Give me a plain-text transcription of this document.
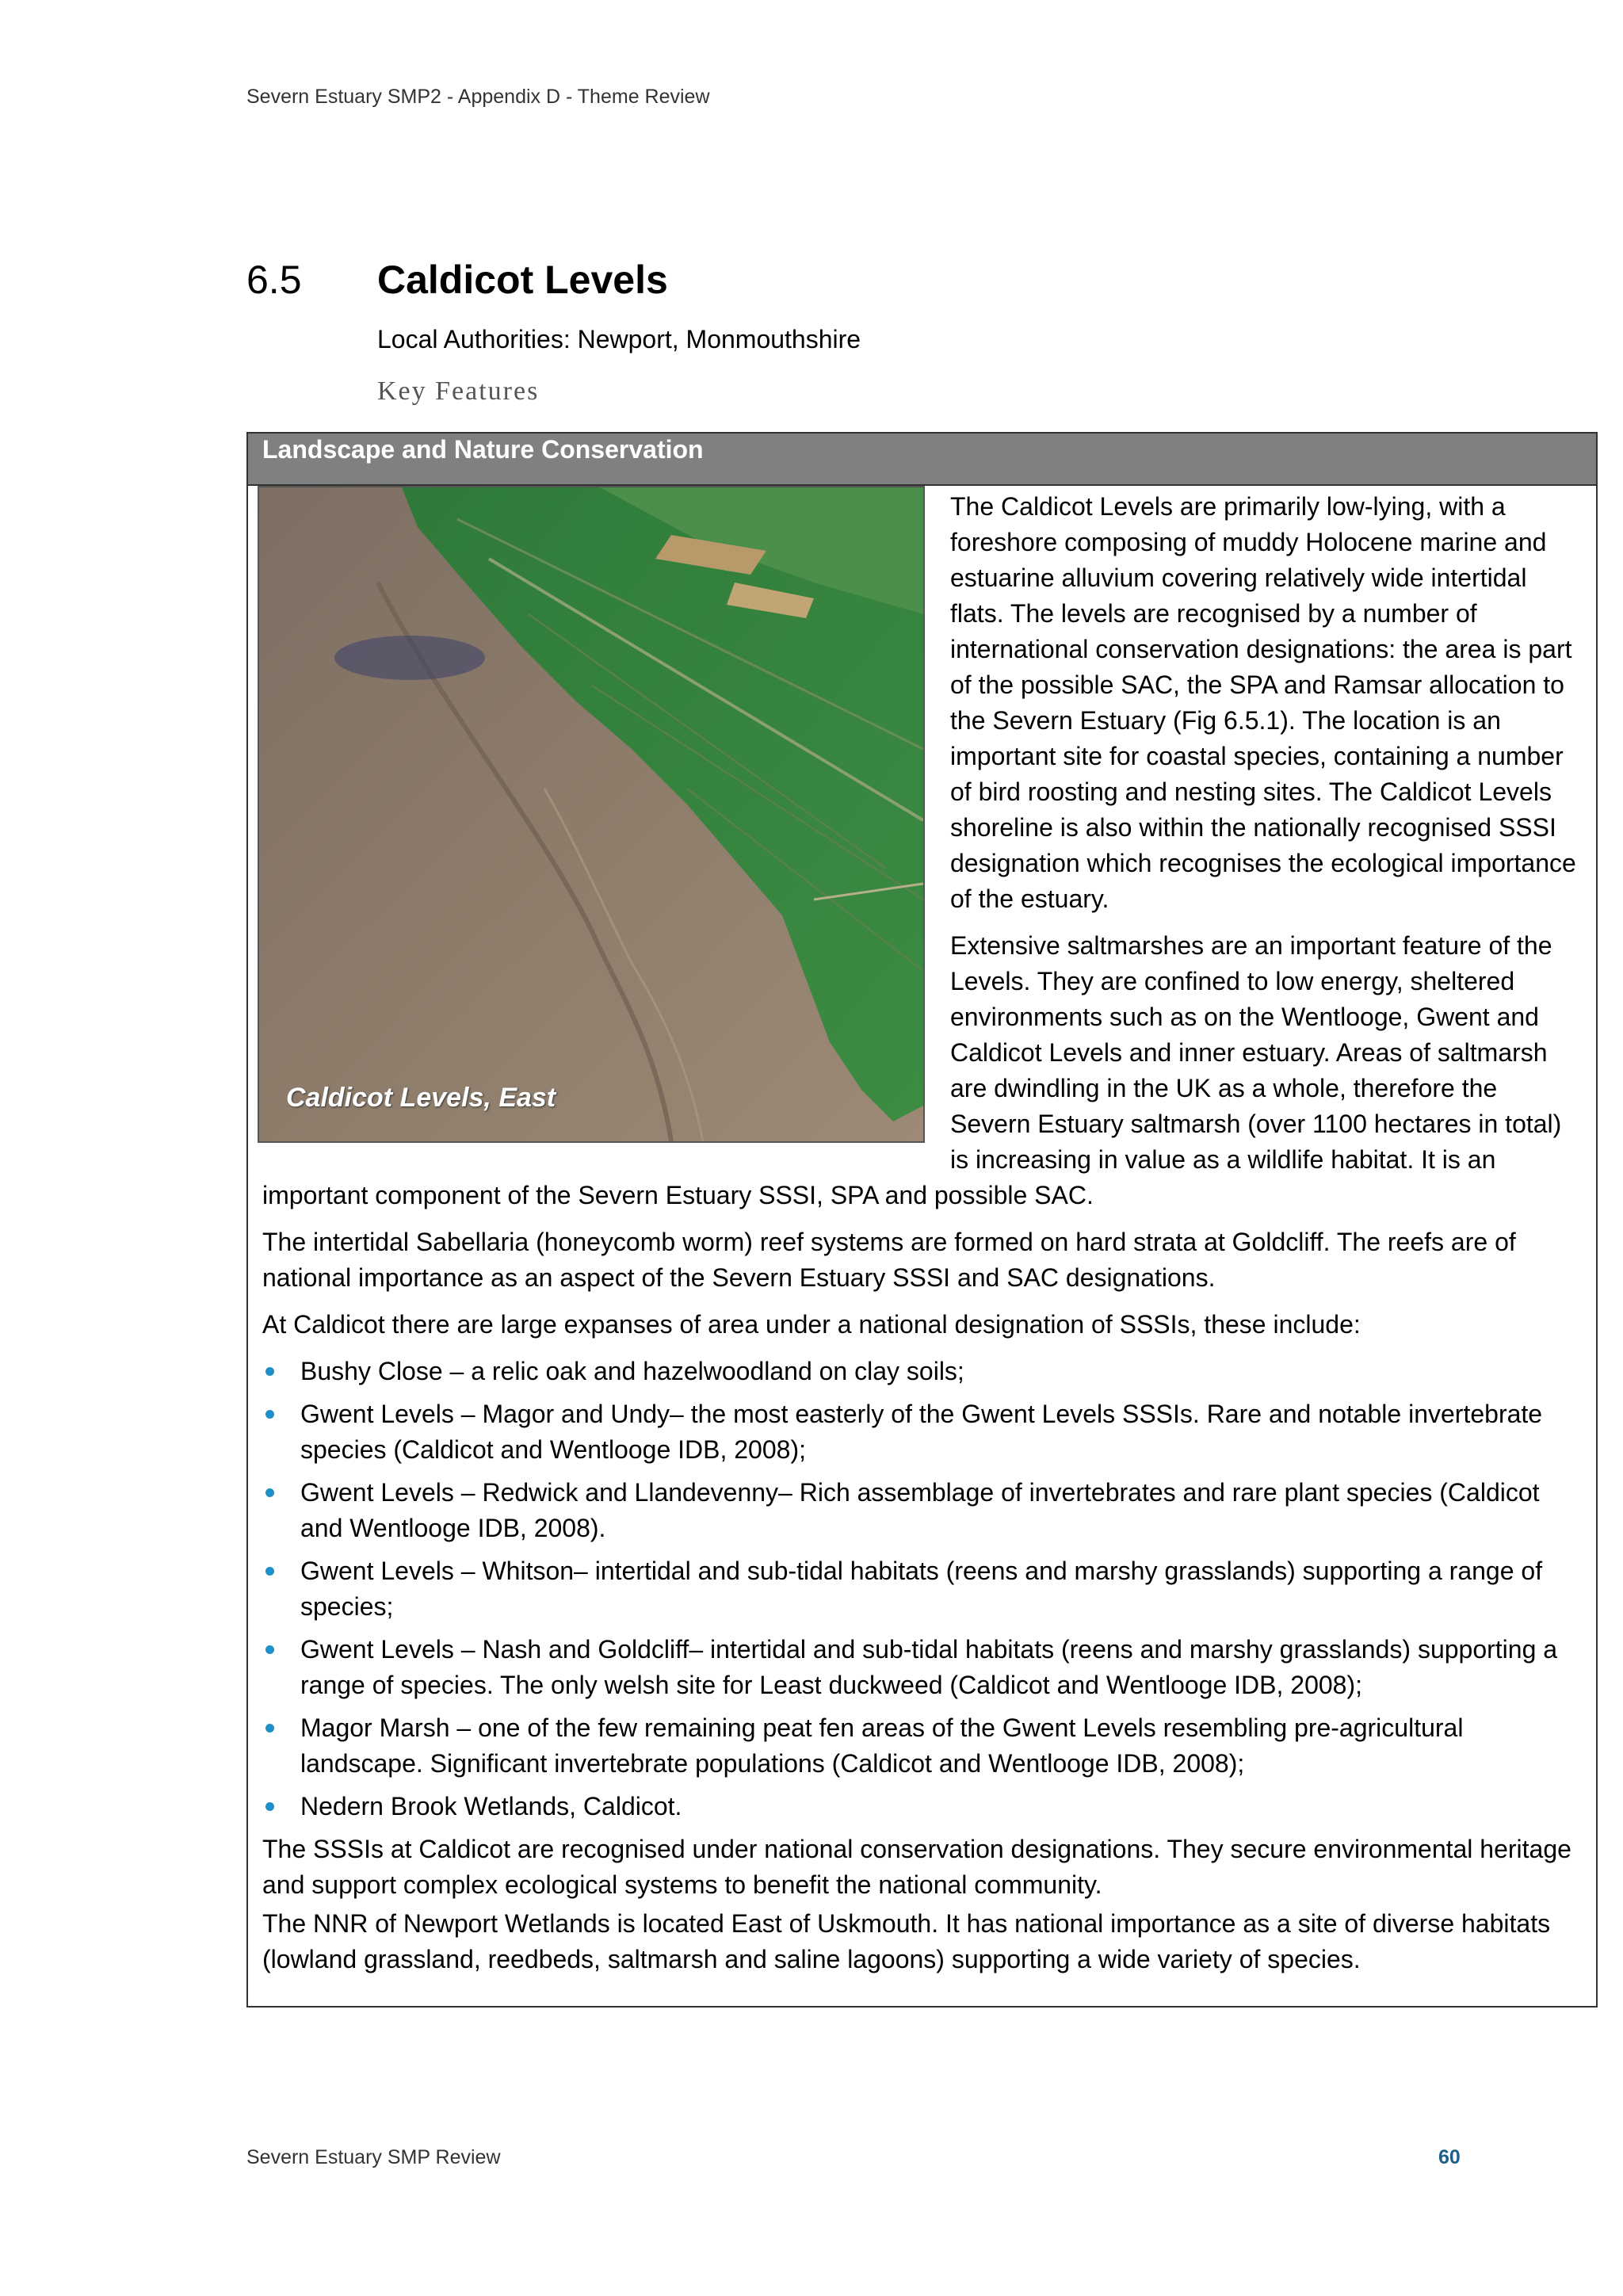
Severn Estuary SMP2 - Appendix D - Theme Review
6.5	Caldicot Levels
Local Authorities: Newport, Monmouthshire
Key Features
Landscape and Nature Conservation
Caldicot Levels, East

The Caldicot Levels are primarily low-lying, with a foreshore composing of muddy Holocene marine and estuarine alluvium covering relatively wide intertidal flats. The levels are recognised by a number of international conservation designations: the area is part of the possible SAC, the SPA and Ramsar allocation to the Severn Estuary (Fig 6.5.1). The location is an important site for coastal species, containing a number of bird roosting and nesting sites. The Caldicot Levels shoreline is also within the nationally recognised SSSI designation which recognises the ecological importance of the estuary.

Extensive saltmarshes are an important feature of the Levels. They are confined to low energy, sheltered environments such as on the Wentlooge, Gwent and Caldicot Levels and inner estuary. Areas of saltmarsh are dwindling in the UK as a whole, therefore the Severn Estuary saltmarsh (over 1100 hectares in total) is increasing in value as a wildlife habitat. It is an important component of the Severn Estuary SSSI, SPA and possible SAC.

The intertidal Sabellaria (honeycomb worm) reef systems are formed on hard strata at Goldcliff. The reefs are of national importance as an aspect of the Severn Estuary SSSI and SAC designations.

At Caldicot there are large expanses of area under a national designation of SSSIs, these include:

Bushy Close – a relic oak and hazelwoodland on clay soils;
Gwent Levels – Magor and Undy– the most easterly of the Gwent Levels SSSIs. Rare and notable invertebrate species (Caldicot and Wentlooge IDB, 2008);
Gwent Levels – Redwick and Llandevenny– Rich assemblage of invertebrates and rare plant species (Caldicot and Wentlooge IDB, 2008).
Gwent Levels – Whitson– intertidal and sub-tidal habitats (reens and marshy grasslands) supporting a range of species;
Gwent Levels – Nash and Goldcliff– intertidal and sub-tidal habitats (reens and marshy grasslands) supporting a range of species. The only welsh site for Least duckweed (Caldicot and Wentlooge IDB, 2008);
Magor Marsh – one of the few remaining peat fen areas of the Gwent Levels resembling pre-agricultural landscape. Significant invertebrate populations (Caldicot and Wentlooge IDB, 2008);
Nedern Brook Wetlands, Caldicot.

The SSSIs at Caldicot are recognised under national conservation designations. They secure environmental heritage and support complex ecological systems to benefit the national community.

The NNR of Newport Wetlands is located East of Uskmouth. It has national importance as a site of diverse habitats (lowland grassland, reedbeds, saltmarsh and saline lagoons) supporting a wide variety of species.

Severn Estuary SMP Review	60
